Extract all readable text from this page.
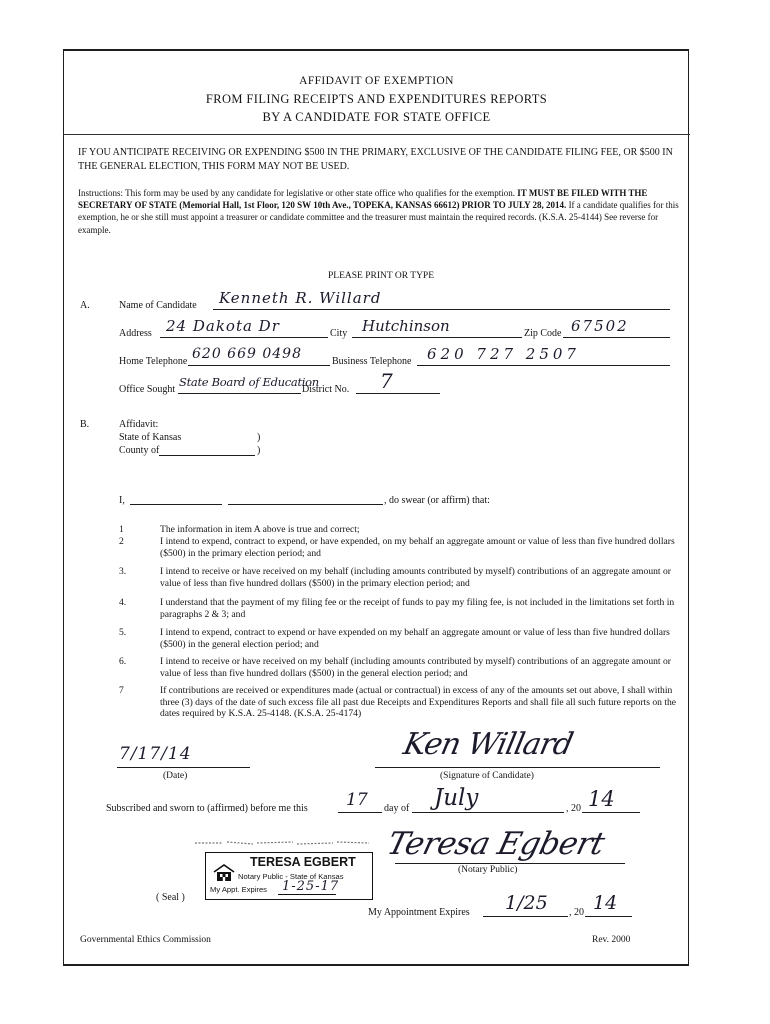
AFFIDAVIT OF EXEMPTION
FROM FILING RECEIPTS AND EXPENDITURES REPORTS
BY A CANDIDATE FOR STATE OFFICE
IF YOU ANTICIPATE RECEIVING OR EXPENDING $500 IN THE PRIMARY, EXCLUSIVE OF THE CANDIDATE FILING FEE, OR $500 IN THE GENERAL ELECTION, THIS FORM MAY NOT BE USED.
Instructions: This form may be used by any candidate for legislative or other state office who qualifies for the exemption. IT MUST BE FILED WITH THE SECRETARY OF STATE (Memorial Hall, 1st Floor, 120 SW 10th Ave., TOPEKA, KANSAS 66612) PRIOR TO JULY 28, 2014. If a candidate qualifies for this exemption, he or she still must appoint a treasurer or candidate committee and the treasurer must maintain the required records. (K.S.A. 25-4144) See reverse for example.
PLEASE PRINT OR TYPE
A.	Name of Candidate Kenneth R. Willard
Address 24 Dakota Dr	City Hutchinson	Zip Code 67502
Home Telephone 620 669 0498	Business Telephone 620 727 2507
Office Sought
State Board of Education
District No. 7
B.	Affidavit:
State of Kansas	)
County of	)
I,	, do swear (or affirm) that:
1	The information in item A above is true and correct;
2	I intend to expend, contract to expend, or have expended, on my behalf an aggregate amount or value of less than five hundred dollars ($500) in the primary election period; and
3.	I intend to receive or have received on my behalf (including amounts contributed by myself) contributions of an aggregate amount or value of less than five hundred dollars ($500) in the primary election period; and
4.	I understand that the payment of my filing fee or the receipt of funds to pay my filing fee, is not included in the limitations set forth in paragraphs 2 & 3; and
5.	I intend to expend, contract to expend or have expended on my behalf an aggregate amount or value of less than five hundred dollars ($500) in the general election period; and
6.	I intend to receive or have received on my behalf (including amounts contributed by myself) contributions of an aggregate amount or value of less than five hundred dollars ($500) in the general election period; and
7	If contributions are received or expenditures made (actual or contractual) in excess of any of the amounts set out above, I shall within three (3) days of the date of such excess file all past due Receipts and Expenditures Reports and shall file all such future reports on the dates required by K.S.A. 25-4148. (K.S.A. 25-4174)
7/17/14
(Date)
Ken Willard
(Signature of Candidate)
Subscribed and sworn to (affirmed) before me this 17 day of July	, 20 14
Teresa Egbert
(Notary Public)
TERESA EGBERT
Notary Public - State of Kansas
My Appt. Expires 1-25-17
( Seal )
My Appointment Expires 1/25 , 20 14
Governmental Ethics Commission	Rev. 2000
